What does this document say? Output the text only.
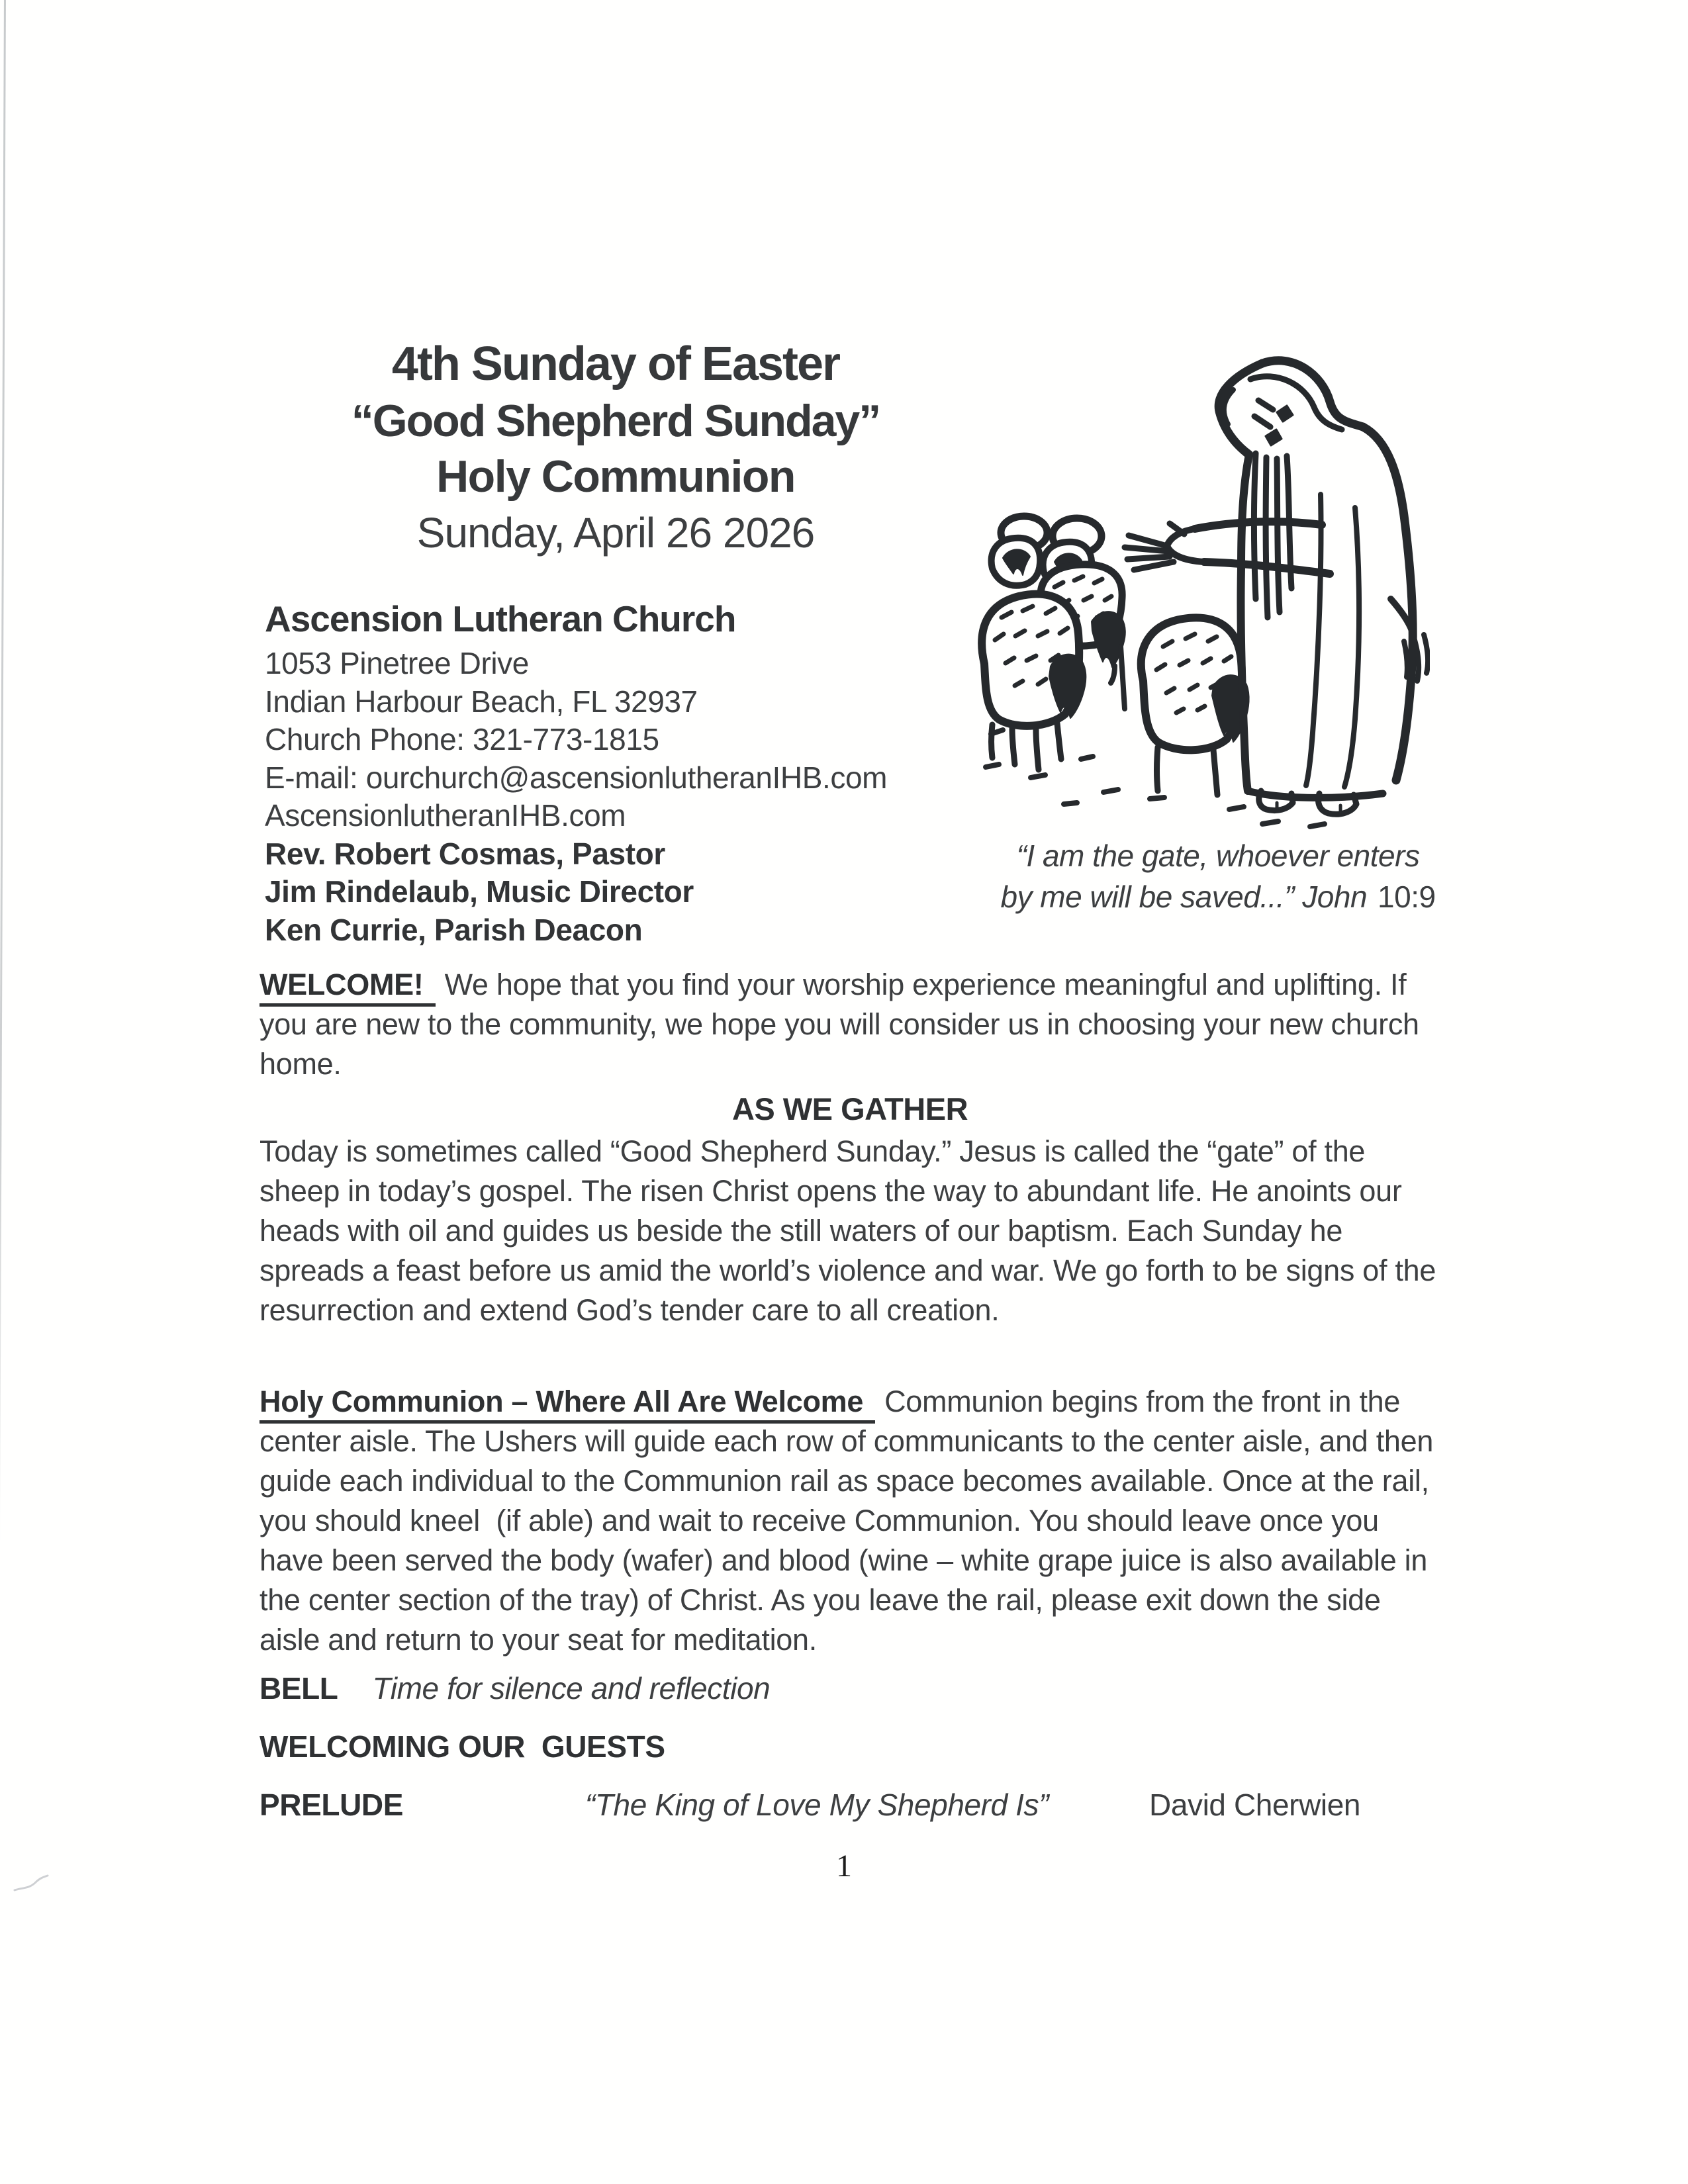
4th Sunday of Easter
“Good Shepherd Sunday”
Holy Communion
Sunday, April 26 2026
Ascension Lutheran Church
1053 Pinetree Drive
Indian Harbour Beach, FL 32937
Church Phone: 321-773-1815
E-mail: ourchurch@ascensionlutheranIHB.com
AscensionlutheranIHB.com
Rev. Robert Cosmas, Pastor
Jim Rindelaub, Music Director
Ken Currie, Parish Deacon
“I am the gate, whoever enters
by me will be saved...” John 10:9

WELCOME! We hope that you find your worship experience meaningful and uplifting. If you are new to the community, we hope you will consider us in choosing your new church home.

AS WE GATHER

Today is sometimes called “Good Shepherd Sunday.” Jesus is called the “gate” of the sheep in today’s gospel. The risen Christ opens the way to abundant life. He anoints our heads with oil and guides us beside the still waters of our baptism. Each Sunday he spreads a feast before us amid the world’s violence and war. We go forth to be signs of the resurrection and extend God’s tender care to all creation.

Holy Communion – Where All Are Welcome Communion begins from the front in the center aisle. The Ushers will guide each row of communicants to the center aisle, and then guide each individual to the Communion rail as space becomes available. Once at the rail, you should kneel  (if able) and wait to receive Communion. You should leave once you have been served the body (wafer) and blood (wine – white grape juice is also available in the center section of the tray) of Christ. As you leave the rail, please exit down the side aisle and return to your seat for meditation.

BELL Time for silence and reflection
WELCOMING OUR  GUESTS
PRELUDE	“The King of Love My Shepherd Is”	David Cherwien
1
